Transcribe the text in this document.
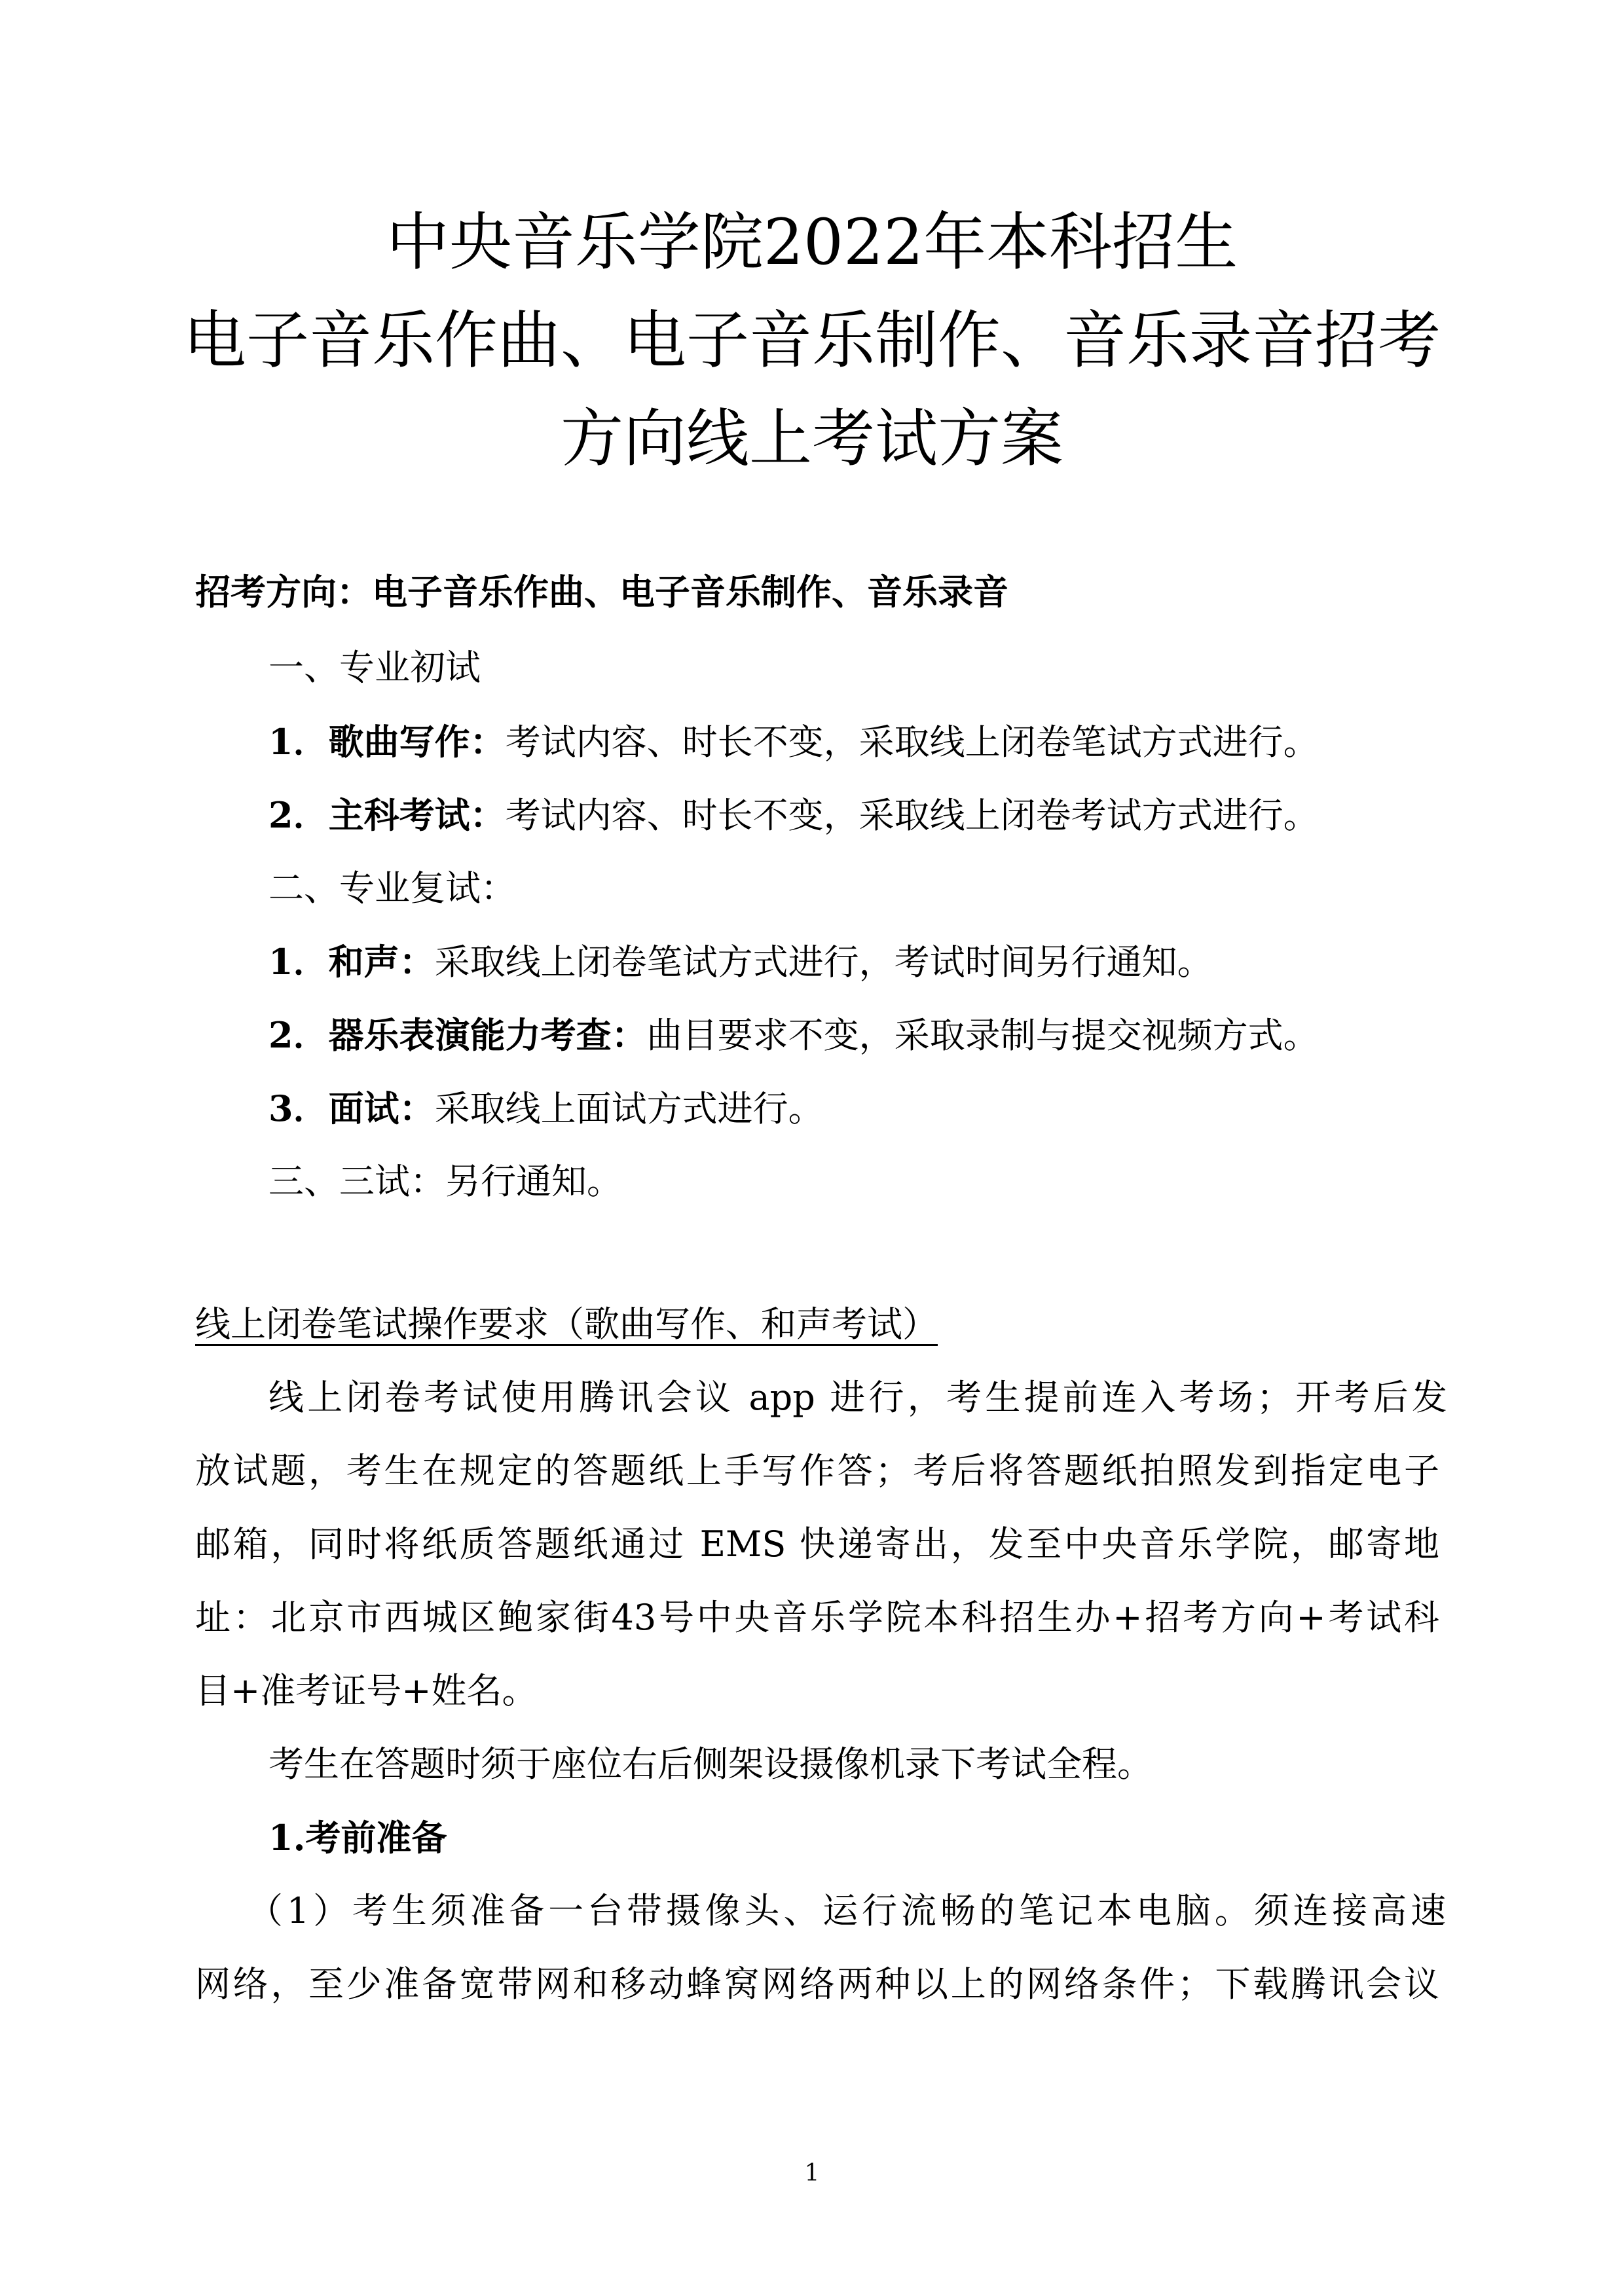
中央音乐学院2022年本科招生
电子音乐作曲、电子音乐制作、音乐录音招考
方向线上考试方案
招考方向：电子音乐作曲、电子音乐制作、音乐录音
一、专业初试
1．歌曲写作：考试内容、时长不变，采取线上闭卷笔试方式进行。
2．主科考试：考试内容、时长不变，采取线上闭卷考试方式进行。
二、专业复试：
1．和声：采取线上闭卷笔试方式进行，考试时间另行通知。
2．器乐表演能力考查：曲目要求不变，采取录制与提交视频方式。
3．面试：采取线上面试方式进行。
三、三试：另行通知。
线上闭卷笔试操作要求（歌曲写作、和声考试）
线上闭卷考试使用腾讯会议 app 进行，考生提前连入考场；开考后发
放试题，考生在规定的答题纸上手写作答；考后将答题纸拍照发到指定电子
邮箱，同时将纸质答题纸通过 EMS 快递寄出，发至中央音乐学院，邮寄地
址：北京市西城区鲍家街43号中央音乐学院本科招生办+招考方向+考试科
目+准考证号+姓名。
考生在答题时须于座位右后侧架设摄像机录下考试全程。
1.考前准备
（1）考生须准备一台带摄像头、运行流畅的笔记本电脑。须连接高速
网络，至少准备宽带网和移动蜂窝网络两种以上的网络条件；下载腾讯会议
1
